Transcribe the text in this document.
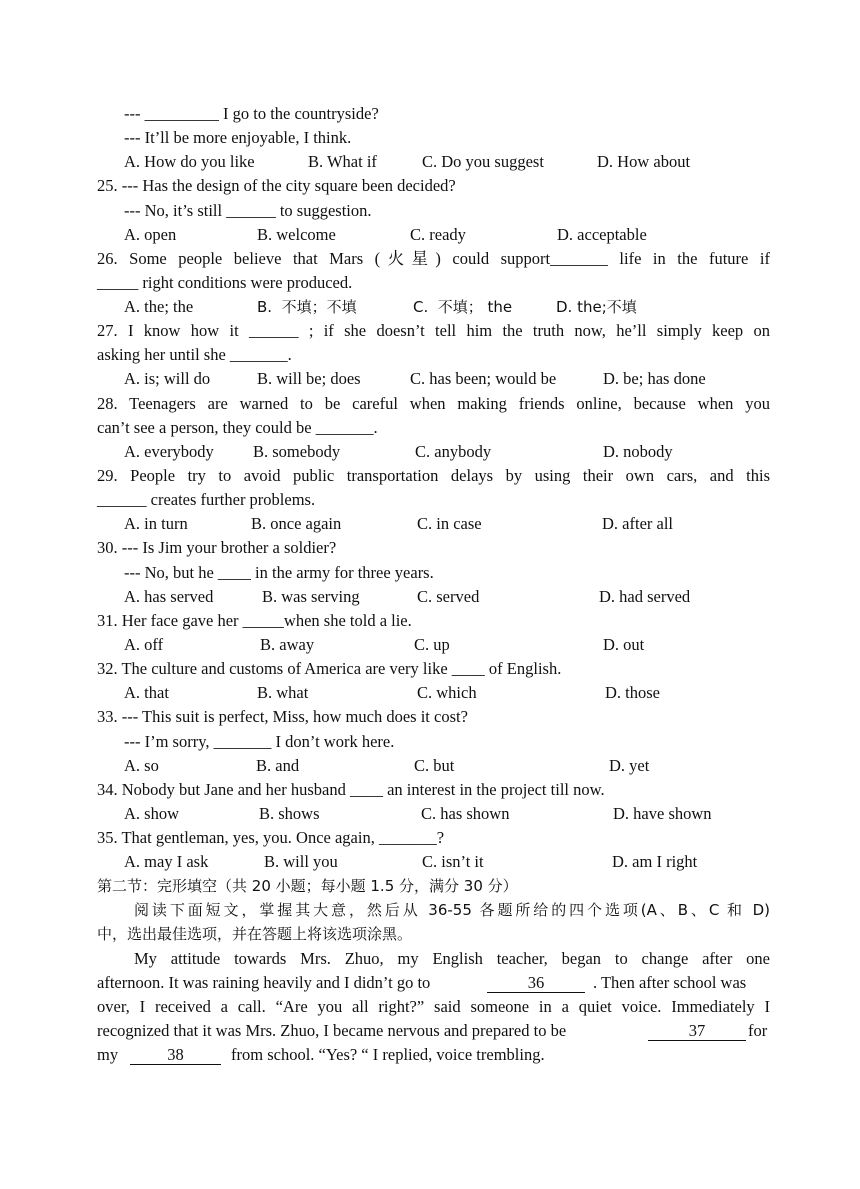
--- _________ I go to the countryside?
--- It’ll be more enjoyable, I think.
A. How do you like	B. What if	C. Do you suggest	D. How about
25. --- Has the design of the city square been decided?
--- No, it’s still ______ to suggestion.
A. open	B. welcome	C. ready	D. acceptable
26. Some people believe that Mars (火星) could support_______ life in the future if
_____ right conditions were produced.
A. the; the	B.  不填；不填	C.  不填； the	D. the;不填
27. I know how it ______ ; if she doesn’t tell him the truth now, he’ll simply keep on
asking her until she _______.
A. is; will do	B. will be; does	C. has been; would be	D. be; has done
28. Teenagers are warned to be careful when making friends online, because when you
can’t see a person, they could be _______.
A. everybody B. somebody	C. anybody	D. nobody
29. People try to avoid public transportation delays by using their own cars, and this
______ creates further problems.
A. in turn	B. once again	C. in case	D. after all
30. --- Is Jim your brother a soldier?
--- No, but he ____ in the army for three years.
A. has served	B. was serving	C. served	D. had served
31. Her face gave her _____when she told a lie.
A. off	B. away	C. up	D. out
32. The culture and customs of America are very like ____ of English.
A. that	B. what	C. which	D. those
33. --- This suit is perfect, Miss, how much does it cost?
--- I’m sorry, _______ I don’t work here.
A. so	B. and	C. but	D. yet
34. Nobody but Jane and her husband ____ an interest in the project till now.
A. show	B. shows	C. has shown	D. have shown
35. That gentleman, yes, you. Once again, _______?
A. may I ask	B. will you	C. isn’t it	D. am I right
第二节：完形填空（共 20 小题；每小题 1.5 分，满分 30 分）
阅读下面短文，掌握其大意，然后从 36-55 各题所给的四个选项(A、B、C 和 D)
中，选出最佳选项，并在答题上将该选项涂黑。
My attitude towards Mrs. Zhuo, my English teacher, began to change after one
afternoon. It was raining heavily and I didn’t go to	36	. Then after school was
over, I received a call. “Are you all right?” said someone in a quiet voice. Immediately I
recognized that it was Mrs. Zhuo, I became nervous and prepared to be	37	for
my	38	from school. “Yes? “ I replied, voice trembling.
